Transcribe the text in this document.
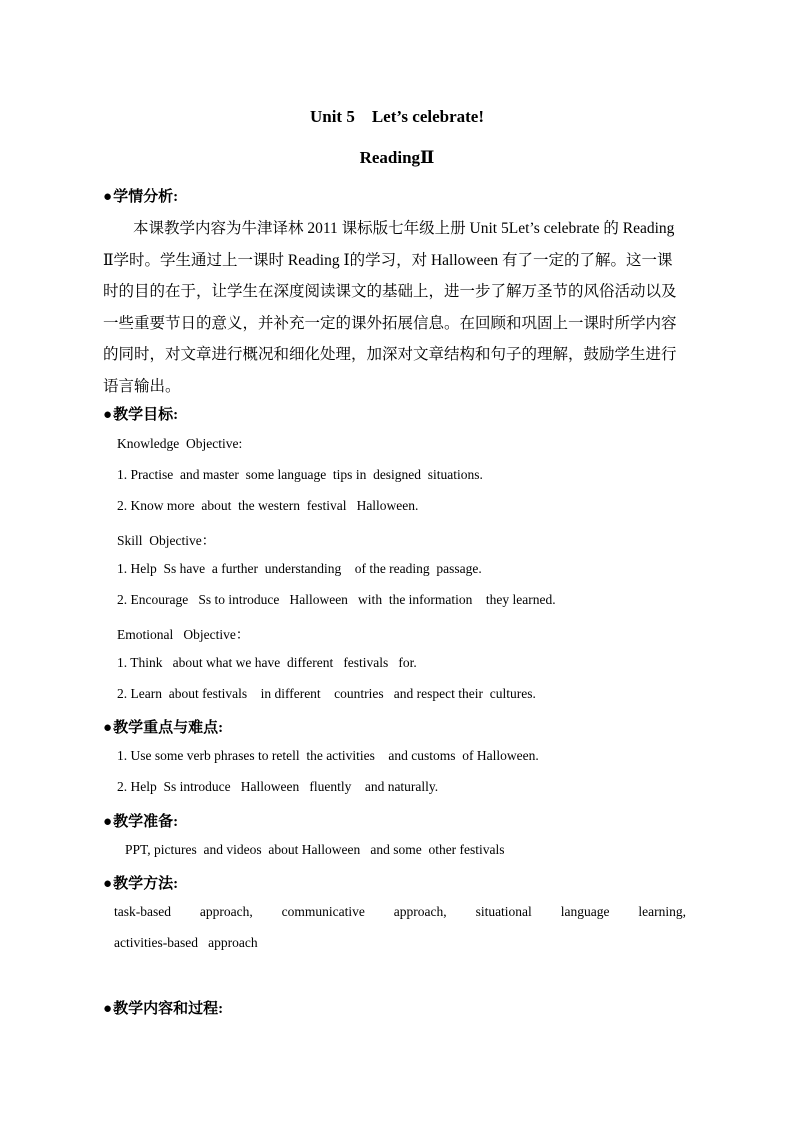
Unit 5    Let’s celebrate!
ReadingⅡ
●学情分析:
本课教学内容为牛津译林 2011 课标版七年级上册 Unit 5Let’s celebrate 的 Reading
Ⅱ学时。学生通过上一课时 Reading Ⅰ的学习，对 Halloween 有了一定的了解。这一课
时的目的在于，让学生在深度阅读课文的基础上，进一步了解万圣节的风俗活动以及
一些重要节日的意义，并补充一定的课外拓展信息。在回顾和巩固上一课时所学内容
的同时，对文章进行概况和细化处理，加深对文章结构和句子的理解，鼓励学生进行
语言输出。
●教学目标:
Knowledge  Objective:
1. Practise  and master  some language  tips in  designed  situations.
2. Know more  about  the western  festival   Halloween.
Skill  Objective：
1. Help  Ss have  a further  understanding    of the reading  passage.
2. Encourage   Ss to introduce   Halloween   with  the information    they learned.
Emotional   Objective：
1. Think   about what we have  different   festivals   for.
2. Learn  about festivals    in different    countries   and respect their  cultures.
●教学重点与难点:
1. Use some verb phrases to retell  the activities    and customs  of Halloween.
2. Help  Ss introduce   Halloween   fluently    and naturally.
●教学准备:
PPT, pictures  and videos  about Halloween   and some  other festivals
●教学方法:
task-based approach, communicative approach, situational language learning,
activities-based   approach
●教学内容和过程:
